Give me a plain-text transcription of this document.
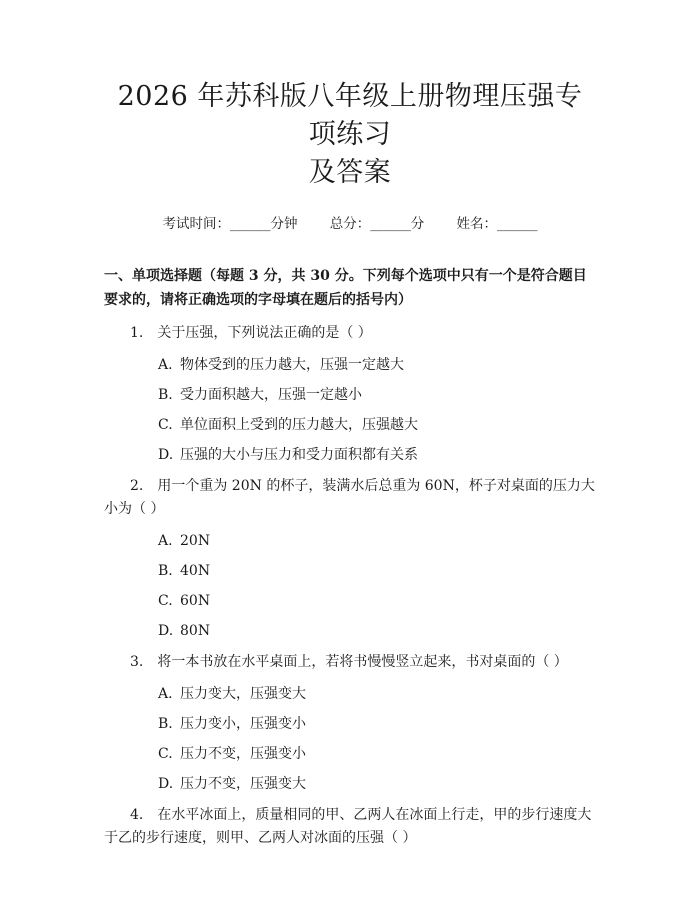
2026 年苏科版八年级上册物理压强专项练习
及答案
考试时间：______分钟 总分：______分 姓名：______
一、单项选择题（每题 3 分，共 30 分。下列每个选项中只有一个是符合题目要求的，请将正确选项的字母填在题后的括号内）
1. 关于压强，下列说法正确的是（ ）
A. 物体受到的压力越大，压强一定越大
B. 受力面积越大，压强一定越小
C. 单位面积上受到的压力越大，压强越大
D. 压强的大小与压力和受力面积都有关系
2. 用一个重为 20N 的杯子，装满水后总重为 60N，杯子对桌面的压力大小为（ ）
A. 20N
B. 40N
C. 60N
D. 80N
3. 将一本书放在水平桌面上，若将书慢慢竖立起来，书对桌面的（ ）
A. 压力变大，压强变大
B. 压力变小，压强变小
C. 压力不变，压强变小
D. 压力不变，压强变大
4. 在水平冰面上，质量相同的甲、乙两人在冰面上行走，甲的步行速度大于乙的步行速度，则甲、乙两人对冰面的压强（ ）
